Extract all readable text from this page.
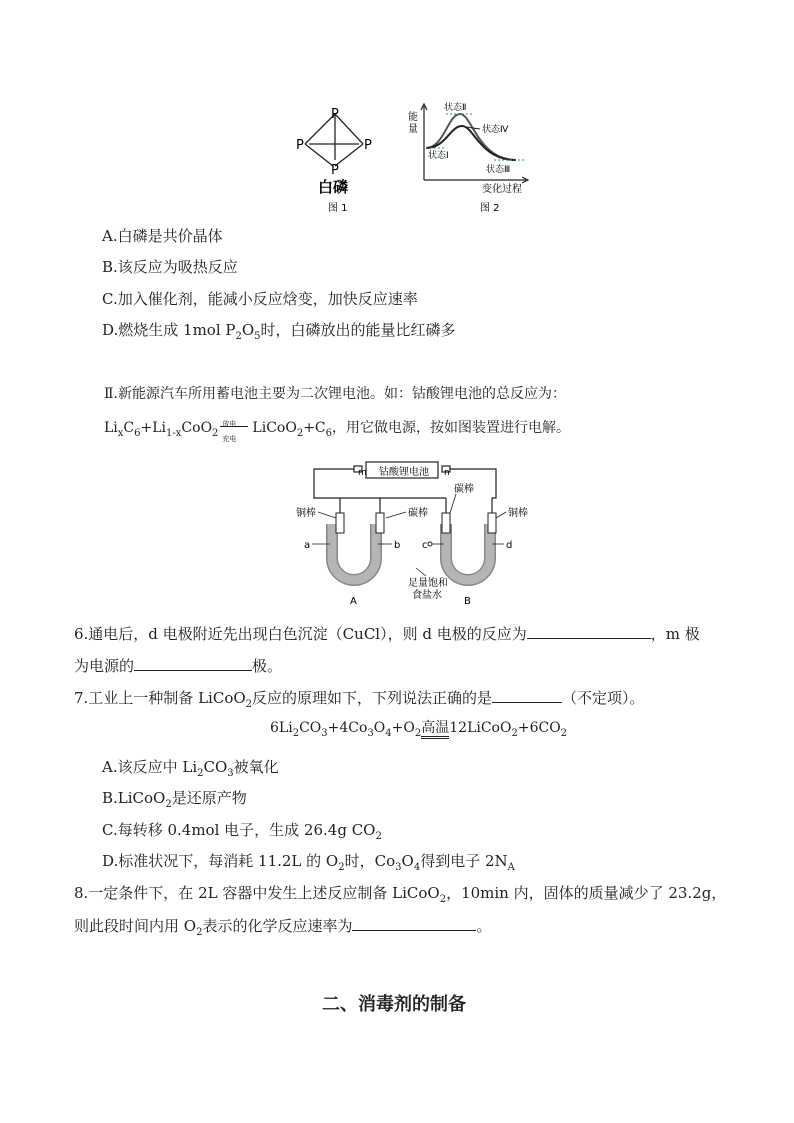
P
P	P
P
白磷
图 1
能
量
状态Ⅱ
状态Ⅳ
状态Ⅰ
状态Ⅲ
变化过程
图 2
A.白磷是共价晶体
B.该反应为吸热反应
C.加入催化剂，能减小反应焓变，加快反应速率
D.燃烧生成 1mol $P_2O_5$时，白磷放出的能量比红磷多
Ⅱ.新能源汽车所用蓄电池主要为二次锂电池。如：钴酸锂电池的总反应为：
$Li_xC_6+Li_{1-x}CoO_2$
放电
充电
$LiCoO_2+C_6$，用它做电源，按如图装置进行电解。
m 钴酸锂电池 n
碳棒
铜棒	碳棒	铜棒
a	b c	d
足量饱和
食盐水
A	B
6.通电后，d 电极附近先出现白色沉淀（CuCl），则 d 电极的反应为	，m 极
为电源的	极。
7.工业上一种制备 LiCoO$_2$反应的原理如下，下列说法正确的是	（不定项）。
$6Li_2CO_3+4Co_3O_4+O_2$高温$12LiCoO_2+6CO_2$
A.该反应中 $Li_2CO_3$被氧化
B.LiCoO$_2$是还原产物
C.每转移 0.4mol 电子，生成 26.4g $CO_2$
D.标准状况下，每消耗 11.2L 的 $O_2$时，$Co_3O_4$得到电子 $2N_A$
8.一定条件下，在 2L 容器中发生上述反应制备 LiCoO$_2$，10min 内，固体的质量减少了 23.2g，
则此段时间内用 $O_2$表示的化学反应速率为	。
二、消毒剂的制备
